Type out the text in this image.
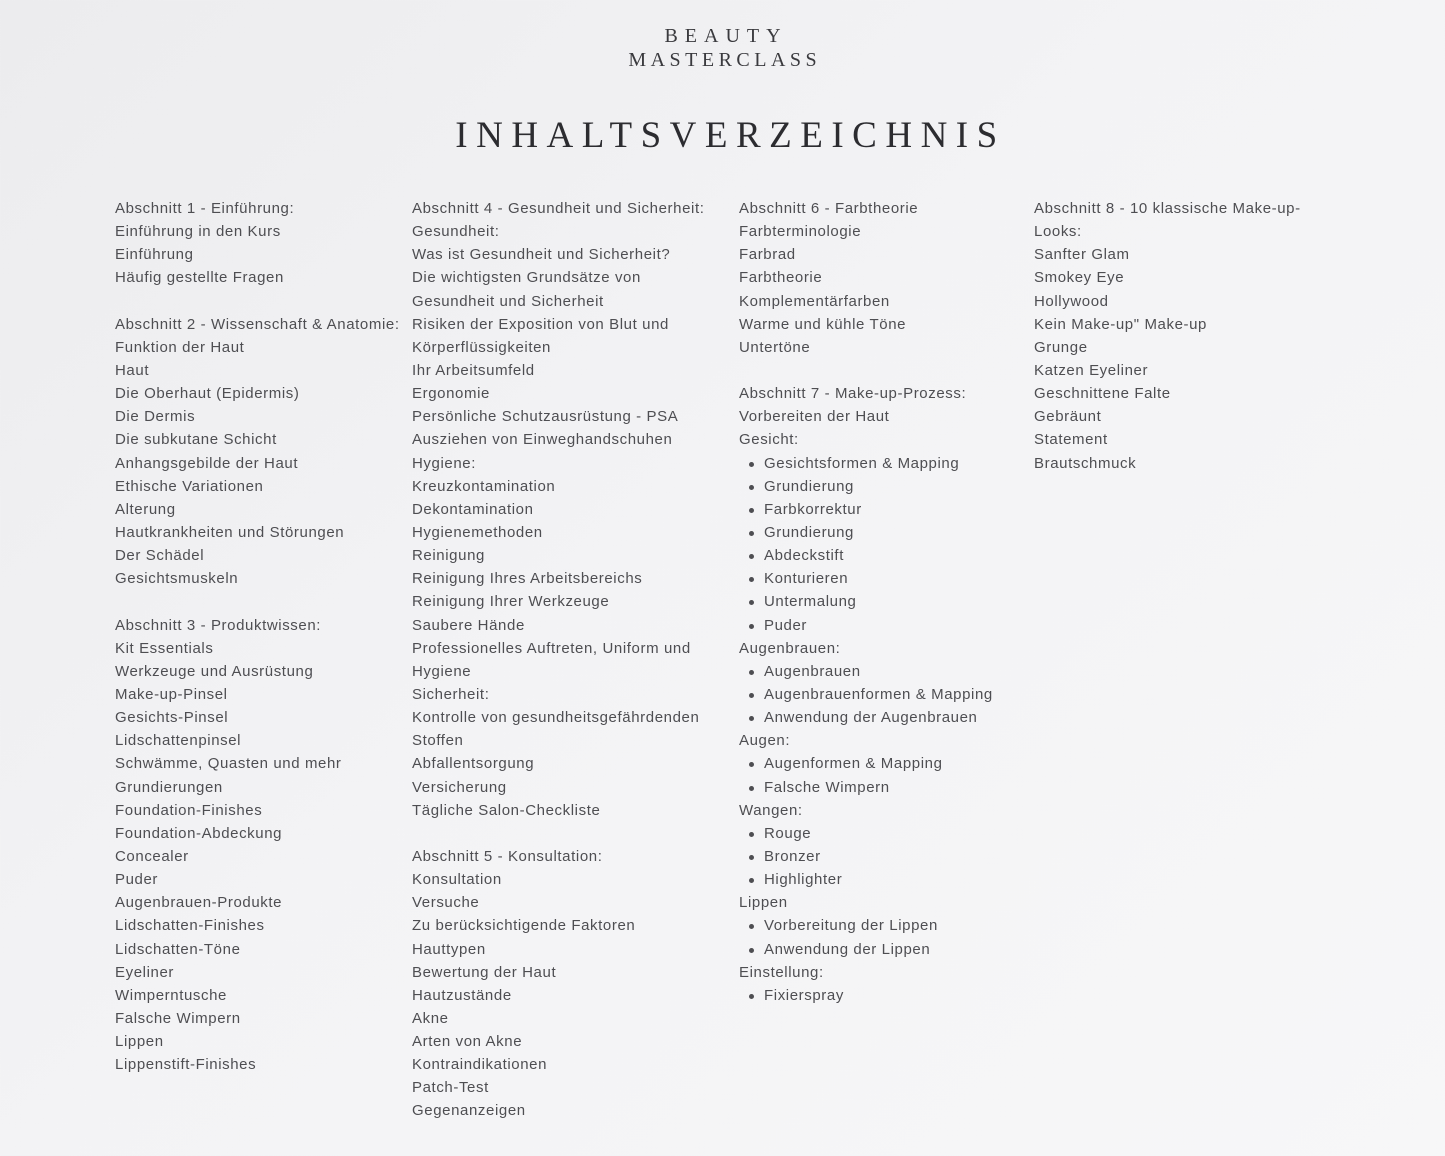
BEAUTY
MASTERCLASS
INHALTSVERZEICHNIS
Abschnitt 1 - Einführung:
Einführung in den Kurs
Einführung
Häufig gestellte Fragen
Abschnitt 2 - Wissenschaft & Anatomie:
Funktion der Haut
Haut
Die Oberhaut (Epidermis)
Die Dermis
Die subkutane Schicht
Anhangsgebilde der Haut
Ethische Variationen
Alterung
Hautkrankheiten und Störungen
Der Schädel
Gesichtsmuskeln
Abschnitt 3 - Produktwissen:
Kit Essentials
Werkzeuge und Ausrüstung
Make-up-Pinsel
Gesichts-Pinsel
Lidschattenpinsel
Schwämme, Quasten und mehr
Grundierungen
Foundation-Finishes
Foundation-Abdeckung
Concealer
Puder
Augenbrauen-Produkte
Lidschatten-Finishes
Lidschatten-Töne
Eyeliner
Wimperntusche
Falsche Wimpern
Lippen
Lippenstift-Finishes
Abschnitt 4 - Gesundheit und Sicherheit:
Gesundheit:
Was ist Gesundheit und Sicherheit?
Die wichtigsten Grundsätze von
Gesundheit und Sicherheit
Risiken der Exposition von Blut und
Körperflüssigkeiten
Ihr Arbeitsumfeld
Ergonomie
Persönliche Schutzausrüstung - PSA
Ausziehen von Einweghandschuhen
Hygiene:
Kreuzkontamination
Dekontamination
Hygienemethoden
Reinigung
Reinigung Ihres Arbeitsbereichs
Reinigung Ihrer Werkzeuge
Saubere Hände
Professionelles Auftreten, Uniform und
Hygiene
Sicherheit:
Kontrolle von gesundheitsgefährdenden
Stoffen
Abfallentsorgung
Versicherung
Tägliche Salon-Checkliste
Abschnitt 5 - Konsultation:
Konsultation
Versuche
Zu berücksichtigende Faktoren
Hauttypen
Bewertung der Haut
Hautzustände
Akne
Arten von Akne
Kontraindikationen
Patch-Test
Gegenanzeigen
Abschnitt 6 - Farbtheorie
Farbterminologie
Farbrad
Farbtheorie
Komplementärfarben
Warme und kühle Töne
Untertöne
Abschnitt 7 - Make-up-Prozess:
Vorbereiten der Haut
Gesicht:
Gesichtsformen & Mapping
Grundierung
Farbkorrektur
Grundierung
Abdeckstift
Konturieren
Untermalung
Puder
Augenbrauen:
Augenbrauen
Augenbrauenformen & Mapping
Anwendung der Augenbrauen
Augen:
Augenformen & Mapping
Falsche Wimpern
Wangen:
Rouge
Bronzer
Highlighter
Lippen
Vorbereitung der Lippen
Anwendung der Lippen
Einstellung:
Fixierspray
Abschnitt 8 - 10 klassische Make-up-
Looks:
Sanfter Glam
Smokey Eye
Hollywood
Kein Make-up" Make-up
Grunge
Katzen Eyeliner
Geschnittene Falte
Gebräunt
Statement
Brautschmuck
